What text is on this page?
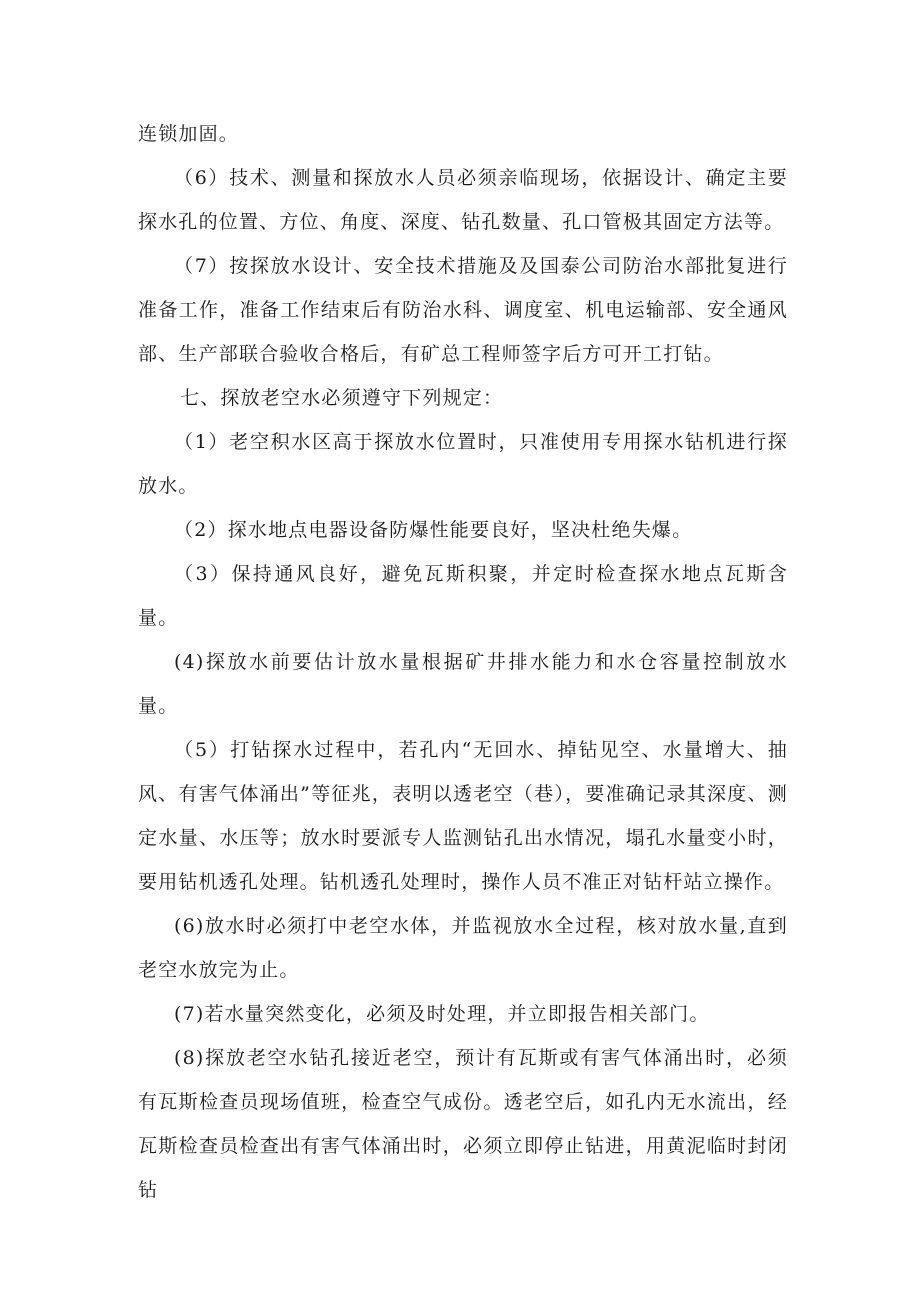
连锁加固。

（6）技术、测量和探放水人员必须亲临现场，依据设计、确定主要探水孔的位置、方位、角度、深度、钻孔数量、孔口管极其固定方法等。

（7）按探放水设计、安全技术措施及及国泰公司防治水部批复进行准备工作，准备工作结束后有防治水科、调度室、机电运输部、安全通风部、生产部联合验收合格后，有矿总工程师签字后方可开工打钻。

七、探放老空水必须遵守下列规定：

（1）老空积水区高于探放水位置时，只准使用专用探水钻机进行探放水。

（2）探水地点电器设备防爆性能要良好，坚决杜绝失爆。

（3）保持通风良好，避免瓦斯积聚，并定时检查探水地点瓦斯含量。

(4)探放水前要估计放水量根据矿井排水能力和水仓容量控制放水量。

（5）打钻探水过程中，若孔内“无回水、掉钻见空、水量增大、抽风、有害气体涌出”等征兆，表明以透老空（巷），要准确记录其深度、测定水量、水压等；放水时要派专人监测钻孔出水情况，塌孔水量变小时，要用钻机透孔处理。钻机透孔处理时，操作人员不准正对钻杆站立操作。

(6)放水时必须打中老空水体，并监视放水全过程，核对放水量,直到老空水放完为止。

(7)若水量突然变化，必须及时处理，并立即报告相关部门。

(8)探放老空水钻孔接近老空，预计有瓦斯或有害气体涌出时，必须有瓦斯检查员现场值班，检查空气成份。透老空后，如孔内无水流出，经瓦斯检查员检查出有害气体涌出时，必须立即停止钻进，用黄泥临时封闭钻
